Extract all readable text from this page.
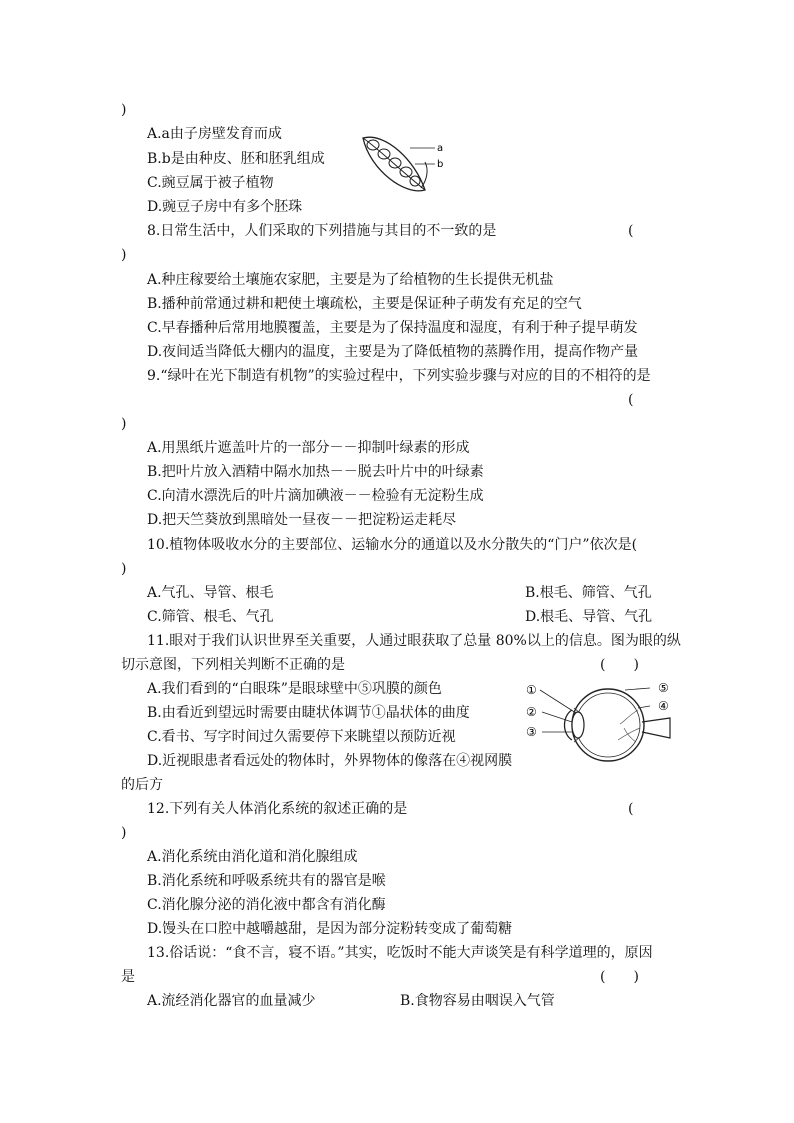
)
A.a由子房壁发育而成
B.b是由种皮、胚和胚乳组成
C.豌豆属于被子植物
D.豌豆子房中有多个胚珠
a
b
8.日常生活中，人们采取的下列措施与其目的不一致的是	(
)
A.种庄稼要给土壤施农家肥，主要是为了给植物的生长提供无机盐
B.播种前常通过耕和耙使土壤疏松，主要是保证种子萌发有充足的空气
C.早春播种后常用地膜覆盖，主要是为了保持温度和湿度，有利于种子提早萌发
D.夜间适当降低大棚内的温度，主要是为了降低植物的蒸腾作用，提高作物产量
9.“绿叶在光下制造有机物”的实验过程中，下列实验步骤与对应的目的不相符的是
(
)
A.用黑纸片遮盖叶片的一部分－－抑制叶绿素的形成
B.把叶片放入酒精中隔水加热－－脱去叶片中的叶绿素
C.向清水漂洗后的叶片滴加碘液－－检验有无淀粉生成
D.把天竺葵放到黑暗处一昼夜－－把淀粉运走耗尽
10.植物体吸收水分的主要部位、运输水分的通道以及水分散失的“门户”依次是(
)
A.气孔、导管、根毛	B.根毛、筛管、气孔
C.筛管、根毛、气孔	D.根毛、导管、气孔
11.眼对于我们认识世界至关重要，人通过眼获取了总量 80%以上的信息。图为眼的纵
切示意图，下列相关判断不正确的是	(　　)
A.我们看到的“白眼珠”是眼球壁中⑤巩膜的颜色
B.由看近到望远时需要由睫状体调节①晶状体的曲度
C.看书、写字时间过久需要停下来眺望以预防近视
D.近视眼患者看远处的物体时，外界物体的像落在④视网膜
的后方
①
②
③
④
⑤
12.下列有关人体消化系统的叙述正确的是	(
)
A.消化系统由消化道和消化腺组成
B.消化系统和呼吸系统共有的器官是喉
C.消化腺分泌的消化液中都含有消化酶
D.馒头在口腔中越嚼越甜，是因为部分淀粉转变成了葡萄糖
13.俗话说：“食不言，寝不语。”其实，吃饭时不能大声谈笑是有科学道理的，原因
是	(　　)
A.流经消化器官的血量减少	B.食物容易由咽误入气管
